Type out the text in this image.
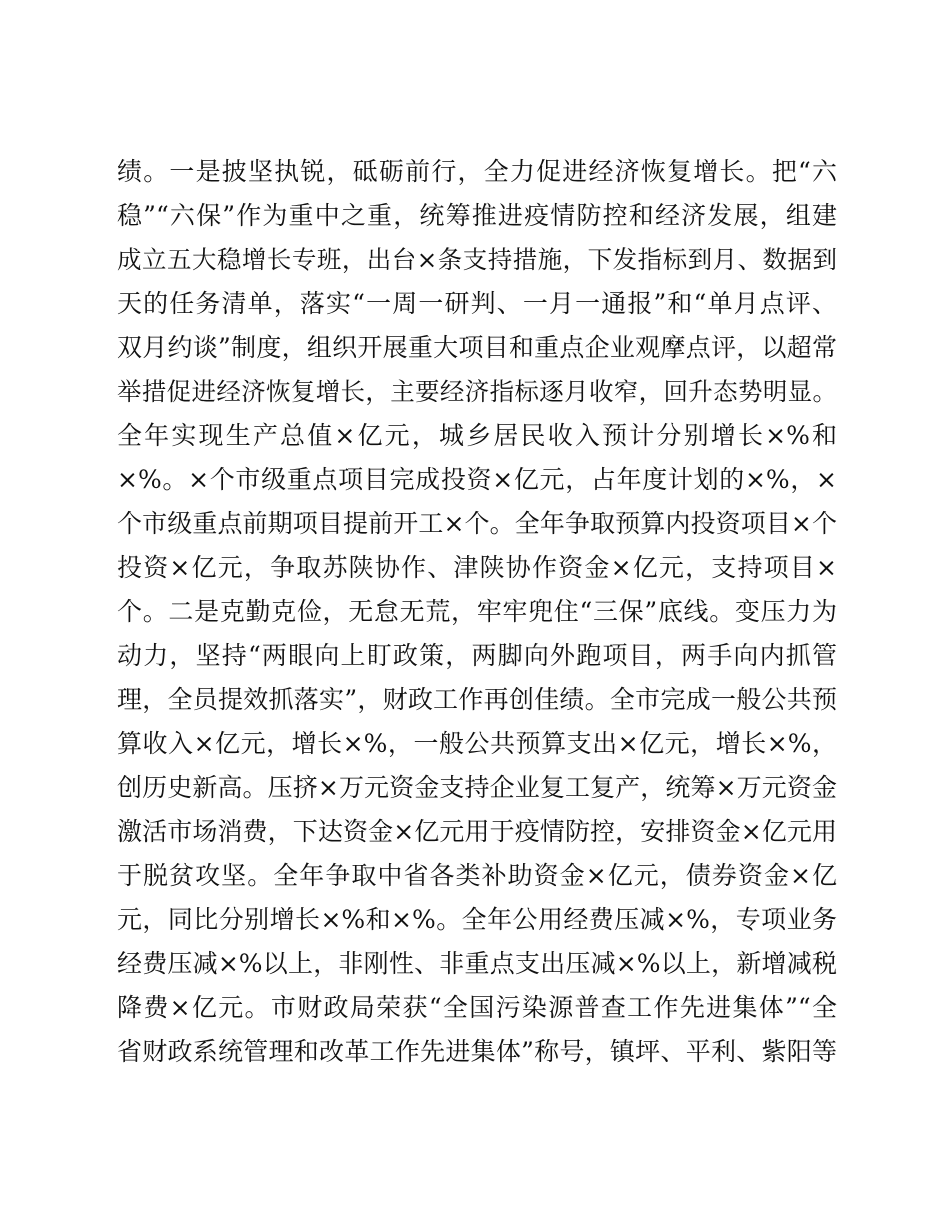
绩。一是披坚执锐，砥砺前行，全力促进经济恢复增长。把“六
稳”“六保”作为重中之重，统筹推进疫情防控和经济发展，组建
成立五大稳增长专班，出台×条支持措施，下发指标到月、数据到
天的任务清单，落实“一周一研判、一月一通报”和“单月点评、
双月约谈”制度，组织开展重大项目和重点企业观摩点评，以超常
举措促进经济恢复增长，主要经济指标逐月收窄，回升态势明显。
全年实现生产总值×亿元，城乡居民收入预计分别增长×%和
×%。×个市级重点项目完成投资×亿元，占年度计划的×%，×
个市级重点前期项目提前开工×个。全年争取预算内投资项目×个
投资×亿元，争取苏陕协作、津陕协作资金×亿元，支持项目×
个。二是克勤克俭，无怠无荒，牢牢兜住“三保”底线。变压力为
动力，坚持“两眼向上盯政策，两脚向外跑项目，两手向内抓管
理，全员提效抓落实”，财政工作再创佳绩。全市完成一般公共预
算收入×亿元，增长×%，一般公共预算支出×亿元，增长×%，
创历史新高。压挤×万元资金支持企业复工复产，统筹×万元资金
激活市场消费，下达资金×亿元用于疫情防控，安排资金×亿元用
于脱贫攻坚。全年争取中省各类补助资金×亿元，债券资金×亿
元，同比分别增长×%和×%。全年公用经费压减×%，专项业务
经费压减×%以上，非刚性、非重点支出压减×%以上，新增减税
降费×亿元。市财政局荣获“全国污染源普查工作先进集体”“全
省财政系统管理和改革工作先进集体”称号，镇坪、平利、紫阳等
